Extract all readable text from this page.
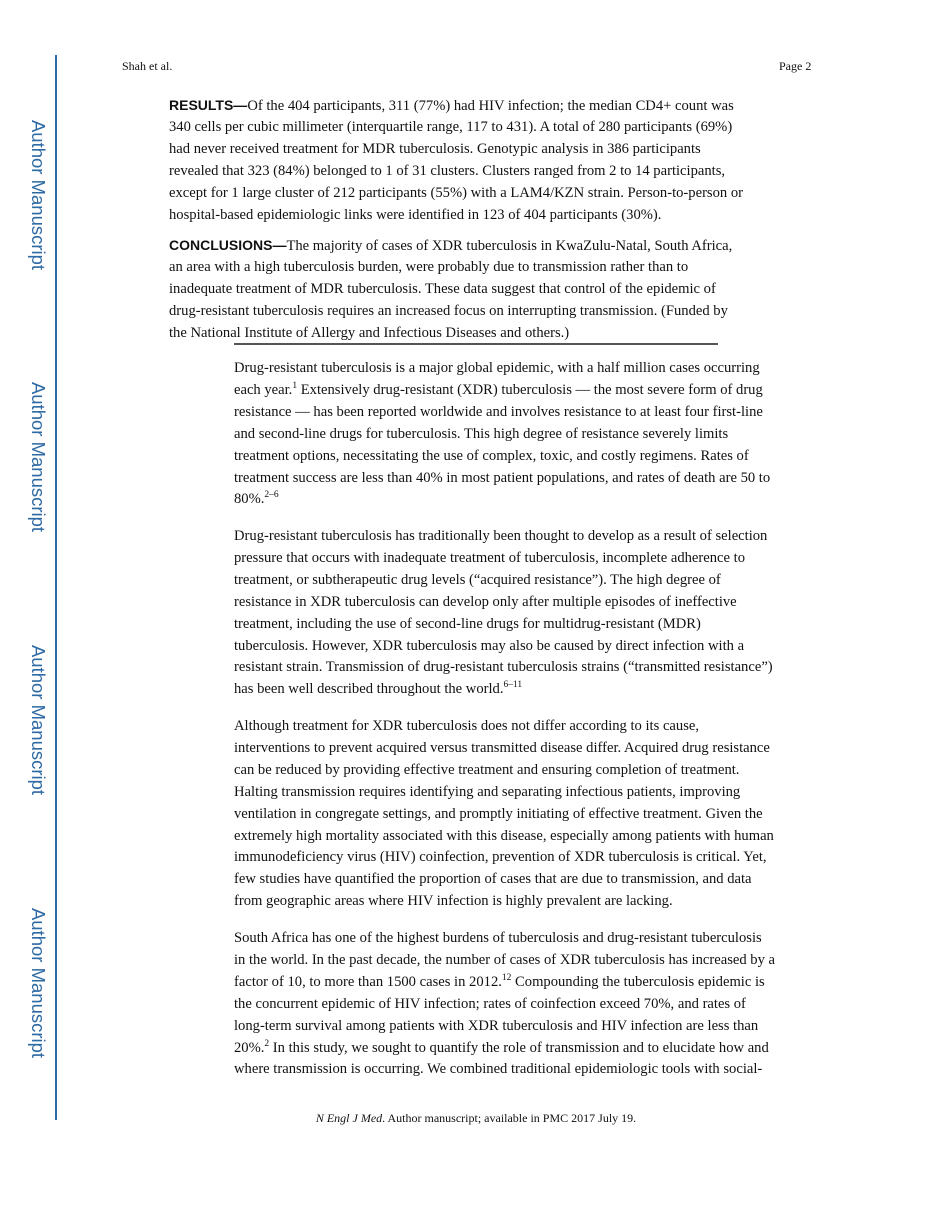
Author Manuscript
Author Manuscript
Author Manuscript
Author Manuscript
Shah et al.	Page 2
RESULTS—Of the 404 participants, 311 (77%) had HIV infection; the median CD4+ count was
340 cells per cubic millimeter (interquartile range, 117 to 431). A total of 280 participants (69%)
had never received treatment for MDR tuberculosis. Genotypic analysis in 386 participants
revealed that 323 (84%) belonged to 1 of 31 clusters. Clusters ranged from 2 to 14 participants,
except for 1 large cluster of 212 participants (55%) with a LAM4/KZN strain. Person-to-person or
hospital-based epidemiologic links were identified in 123 of 404 participants (30%).
CONCLUSIONS—The majority of cases of XDR tuberculosis in KwaZulu-Natal, South Africa,
an area with a high tuberculosis burden, were probably due to transmission rather than to
inadequate treatment of MDR tuberculosis. These data suggest that control of the epidemic of
drug-resistant tuberculosis requires an increased focus on interrupting transmission. (Funded by
the National Institute of Allergy and Infectious Diseases and others.)
Drug-resistant tuberculosis is a major global epidemic, with a half million cases occurring
each year.$^1$ Extensively drug-resistant (XDR) tuberculosis — the most severe form of drug
resistance — has been reported worldwide and involves resistance to at least four first-line
and second-line drugs for tuberculosis. This high degree of resistance severely limits
treatment options, necessitating the use of complex, toxic, and costly regimens. Rates of
treatment success are less than 40% in most patient populations, and rates of death are 50 to
80%.$^{2-6}$
Drug-resistant tuberculosis has traditionally been thought to develop as a result of selection
pressure that occurs with inadequate treatment of tuberculosis, incomplete adherence to
treatment, or subtherapeutic drug levels (“acquired resistance”). The high degree of
resistance in XDR tuberculosis can develop only after multiple episodes of ineffective
treatment, including the use of second-line drugs for multidrug-resistant (MDR)
tuberculosis. However, XDR tuberculosis may also be caused by direct infection with a
resistant strain. Transmission of drug-resistant tuberculosis strains (“transmitted resistance”)
has been well described throughout the world.$^{6-11}$
Although treatment for XDR tuberculosis does not differ according to its cause,
interventions to prevent acquired versus transmitted disease differ. Acquired drug resistance
can be reduced by providing effective treatment and ensuring completion of treatment.
Halting transmission requires identifying and separating infectious patients, improving
ventilation in congregate settings, and promptly initiating of effective treatment. Given the
extremely high mortality associated with this disease, especially among patients with human
immunodeficiency virus (HIV) coinfection, prevention of XDR tuberculosis is critical. Yet,
few studies have quantified the proportion of cases that are due to transmission, and data
from geographic areas where HIV infection is highly prevalent are lacking.
South Africa has one of the highest burdens of tuberculosis and drug-resistant tuberculosis
in the world. In the past decade, the number of cases of XDR tuberculosis has increased by a
factor of 10, to more than 1500 cases in 2012.12 Compounding the tuberculosis epidemic is
the concurrent epidemic of HIV infection; rates of coinfection exceed 70%, and rates of
long-term survival among patients with XDR tuberculosis and HIV infection are less than
20%.$^2$ In this study, we sought to quantify the role of transmission and to elucidate how and
where transmission is occurring. We combined traditional epidemiologic tools with social-
N Engl J Med. Author manuscript; available in PMC 2017 July 19.
